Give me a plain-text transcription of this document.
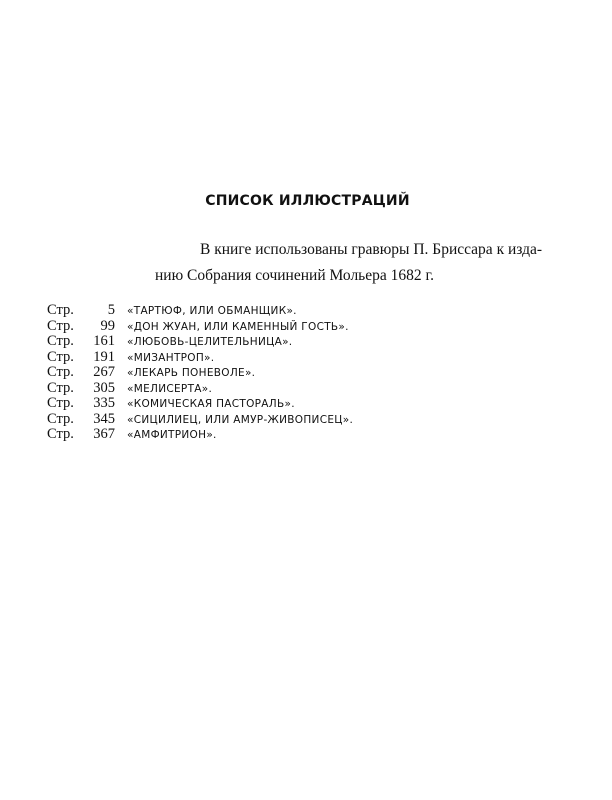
СПИСОК ИЛЛЮСТРАЦИЙ

В книге использованы гравюры П. Бриссара к изда-
нию Собрания сочинений Мольера 1682 г.

Стр.	5 «ТАРТЮФ, ИЛИ ОБМАНЩИК».
Стр.	99 «ДОН ЖУАН, ИЛИ КАМЕННЫЙ ГОСТЬ».
Стр.	161 «ЛЮБОВЬ-ЦЕЛИТЕЛЬНИЦА».
Стр.	191 «МИЗАНТРОП».
Стр.	267 «ЛЕКАРЬ ПОНЕВОЛЕ».
Стр.	305 «МЕЛИСЕРТА».
Стр.	335 «КОМИЧЕСКАЯ ПАСТОРАЛЬ».
Стр.	345 «СИЦИЛИЕЦ, ИЛИ АМУР-ЖИВОПИСЕЦ».
Стр.	367 «АМФИТРИОН».
